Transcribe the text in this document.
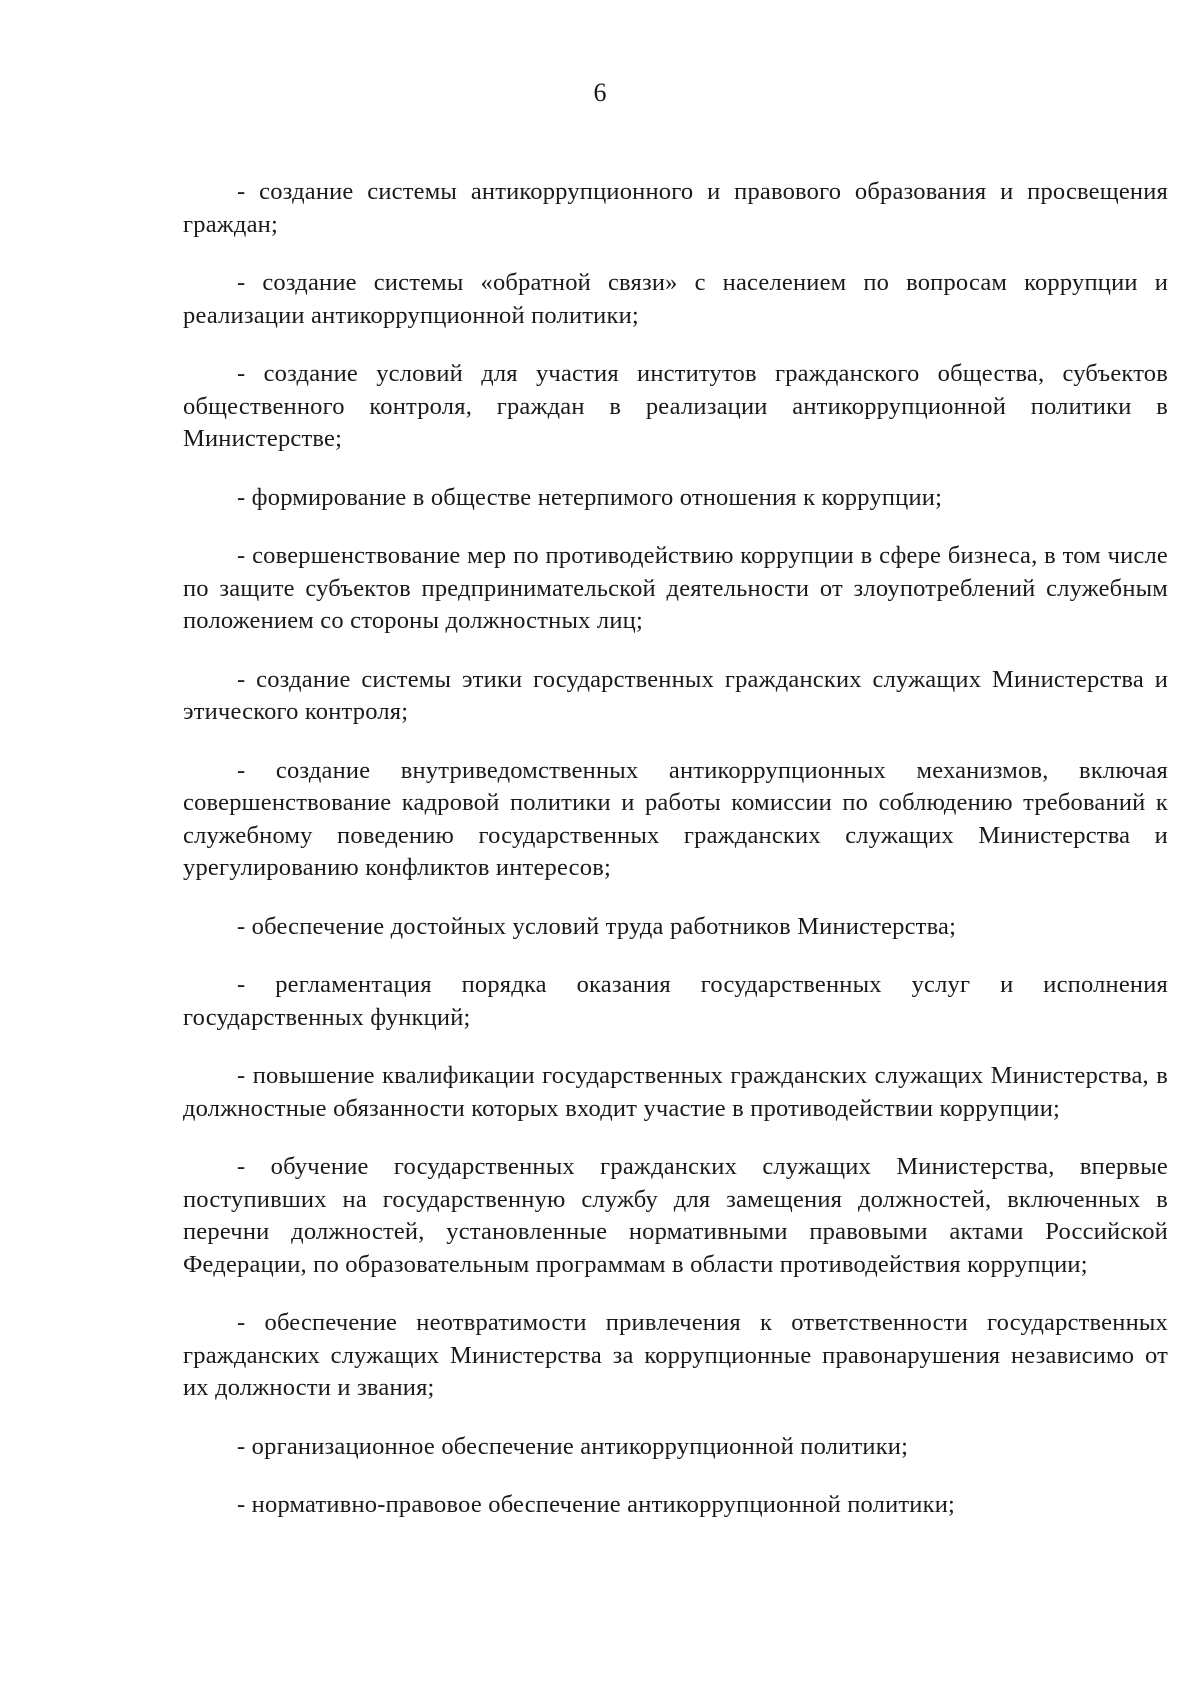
6

- создание системы антикоррупционного и правового образования и просвещения граждан;

- создание системы «обратной связи» с населением по вопросам коррупции и реализации антикоррупционной политики;

- создание условий для участия институтов гражданского общества, субъектов общественного контроля, граждан в реализации антикоррупционной политики в Министерстве;

- формирование в обществе нетерпимого отношения к коррупции;

- совершенствование мер по противодействию коррупции в сфере бизнеса, в том числе по защите субъектов предпринимательской деятельности от злоупотреблений служебным положением со стороны должностных лиц;

- создание системы этики государственных гражданских служащих Министерства и этического контроля;

- создание внутриведомственных антикоррупционных механизмов, включая совершенствование кадровой политики и работы комиссии по соблюдению требований к служебному поведению государственных гражданских служащих Министерства и урегулированию конфликтов интересов;

- обеспечение достойных условий труда работников Министерства;

- регламентация порядка оказания государственных услуг и исполнения государственных функций;

- повышение квалификации государственных гражданских служащих Министерства, в должностные обязанности которых входит участие в противодействии коррупции;

- обучение государственных гражданских служащих Министерства, впервые поступивших на государственную службу для замещения должностей, включенных в перечни должностей, установленные нормативными правовыми актами Российской Федерации, по образовательным программам в области противодействия коррупции;

- обеспечение неотвратимости привлечения к ответственности государственных гражданских служащих Министерства за коррупционные правонарушения независимо от их должности и звания;

- организационное обеспечение антикоррупционной политики;

- нормативно-правовое обеспечение антикоррупционной политики;
